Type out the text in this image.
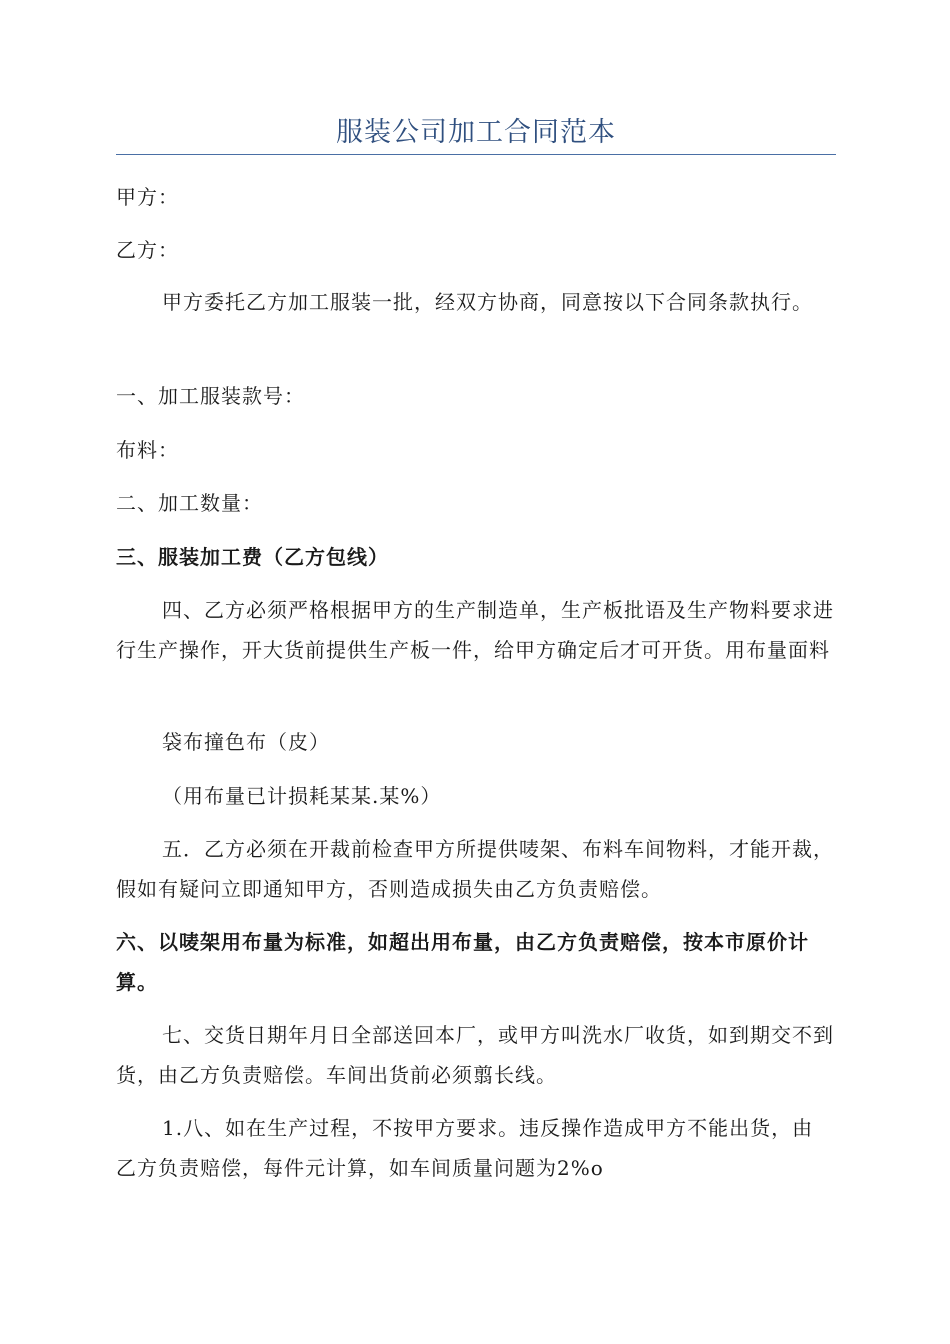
服装公司加工合同范本

甲方：

乙方：

甲方委托乙方加工服装一批，经双方协商，同意按以下合同条款执行。

一、加工服装款号：

布料：

二、加工数量：

三、服装加工费（乙方包线）

四、乙方必须严格根据甲方的生产制造单，生产板批语及生产物料要求进行生产操作，开大货前提供生产板一件，给甲方确定后才可开货。用布量面料

袋布撞色布（皮）

（用布量已计损耗某某.某%）

五．乙方必须在开裁前检查甲方所提供唛架、布料车间物料，才能开裁，假如有疑问立即通知甲方，否则造成损失由乙方负责赔偿。

六、以唛架用布量为标准，如超出用布量，由乙方负责赔偿，按本市原价计算。

七、交货日期年月日全部送回本厂，或甲方叫洗水厂收货，如到期交不到货，由乙方负责赔偿。车间出货前必须翦长线。

1.八、如在生产过程，不按甲方要求。违反操作造成甲方不能出货，由乙方负责赔偿，每件元计算，如车间质量问题为2%o
